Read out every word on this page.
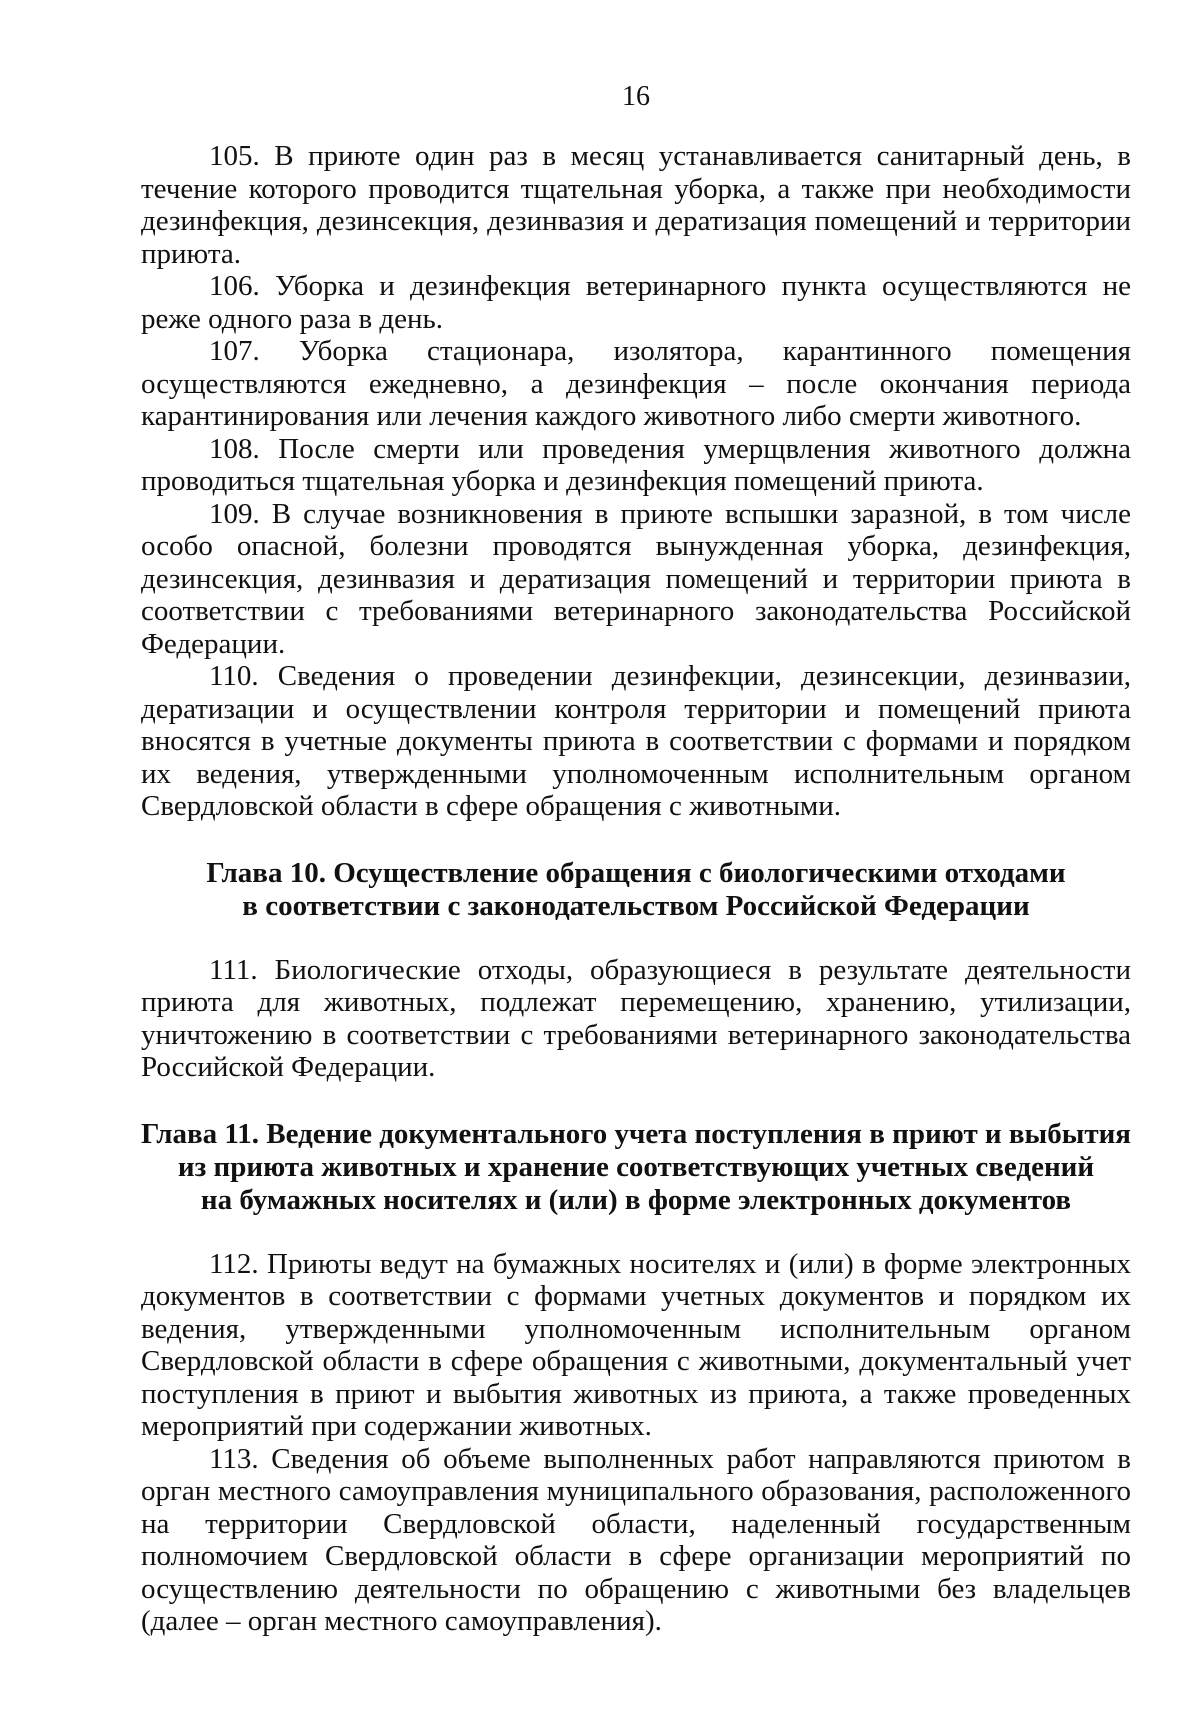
16

105. В приюте один раз в месяц устанавливается санитарный день, в течение которого проводится тщательная уборка, а также при необходимости дезинфекция, дезинсекция, дезинвазия и дератизация помещений и территории приюта.

106. Уборка и дезинфекция ветеринарного пункта осуществляются не реже одного раза в день.

107. Уборка стационара, изолятора, карантинного помещения осуществляются ежедневно, а дезинфекция – после окончания периода карантинирования или лечения каждого животного либо смерти животного.

108. После смерти или проведения умерщвления животного должна проводиться тщательная уборка и дезинфекция помещений приюта.

109. В случае возникновения в приюте вспышки заразной, в том числе особо опасной, болезни проводятся вынужденная уборка, дезинфекция, дезинсекция, дезинвазия и дератизация помещений и территории приюта в соответствии с требованиями ветеринарного законодательства Российской Федерации.

110. Сведения о проведении дезинфекции, дезинсекции, дезинвазии, дератизации и осуществлении контроля территории и помещений приюта вносятся в учетные документы приюта в соответствии с формами и порядком их ведения, утвержденными уполномоченным исполнительным органом Свердловской области в сфере обращения с животными.

Глава 10. Осуществление обращения с биологическими отходами
в соответствии с законодательством Российской Федерации

111. Биологические отходы, образующиеся в результате деятельности приюта для животных, подлежат перемещению, хранению, утилизации, уничтожению в соответствии с требованиями ветеринарного законодательства Российской Федерации.

Глава 11. Ведение документального учета поступления в приют и выбытия
из приюта животных и хранение соответствующих учетных сведений
на бумажных носителях и (или) в форме электронных документов

112. Приюты ведут на бумажных носителях и (или) в форме электронных документов в соответствии с формами учетных документов и порядком их ведения, утвержденными уполномоченным исполнительным органом Свердловской области в сфере обращения с животными, документальный учет поступления в приют и выбытия животных из приюта, а также проведенных мероприятий при содержании животных.

113. Сведения об объеме выполненных работ направляются приютом в орган местного самоуправления муниципального образования, расположенного на территории Свердловской области, наделенный государственным полномочием Свердловской области в сфере организации мероприятий по осуществлению деятельности по обращению с животными без владельцев (далее – орган местного самоуправления).
